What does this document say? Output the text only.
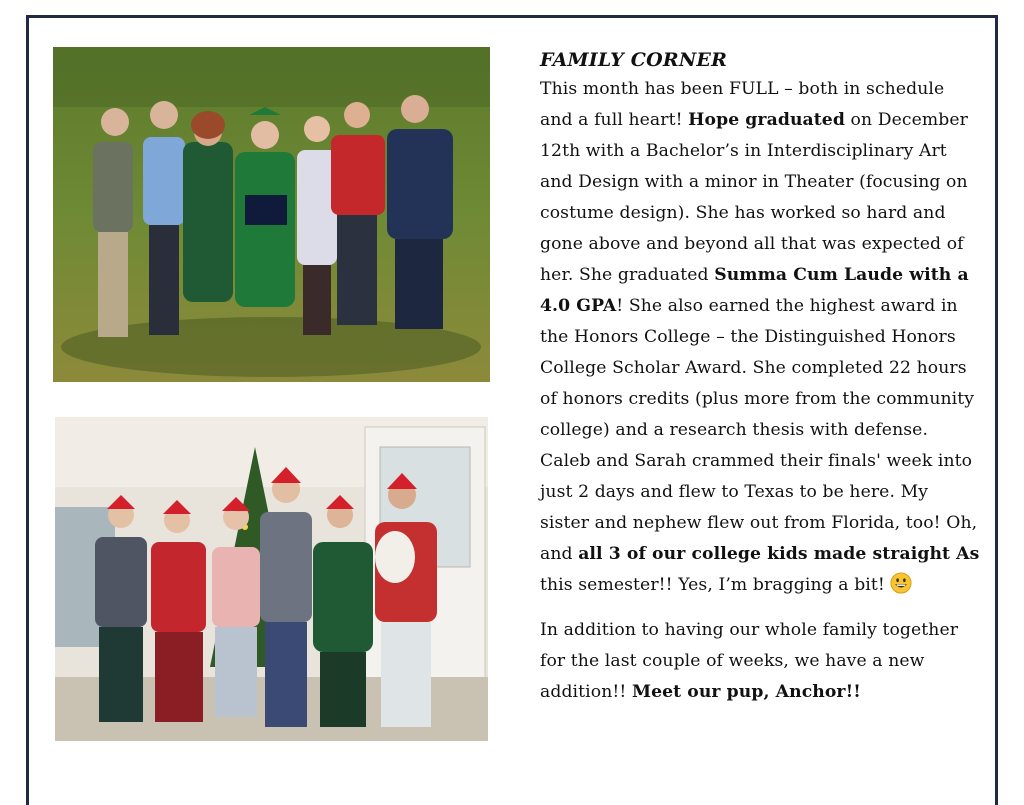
FAMILY CORNER

This month has been FULL – both in schedule and a full heart! Hope graduated on December 12th with a Bachelor’s in Interdisciplinary Art and Design with a minor in Theater (focusing on costume design). She has worked so hard and gone above and beyond all that was expected of her. She graduated Summa Cum Laude with a 4.0 GPA! She also earned the highest award in the Honors College – the Distinguished Honors College Scholar Award. She completed 22 hours of honors credits (plus more from the community college) and a research thesis with defense. Caleb and Sarah crammed their finals' week into just 2 days and flew to Texas to be here. My sister and nephew flew out from Florida, too! Oh, and all 3 of our college kids made straight As this semester!! Yes, I’m bragging a bit!

In addition to having our whole family together for the last couple of weeks, we have a new addition!! Meet our pup, Anchor!!
